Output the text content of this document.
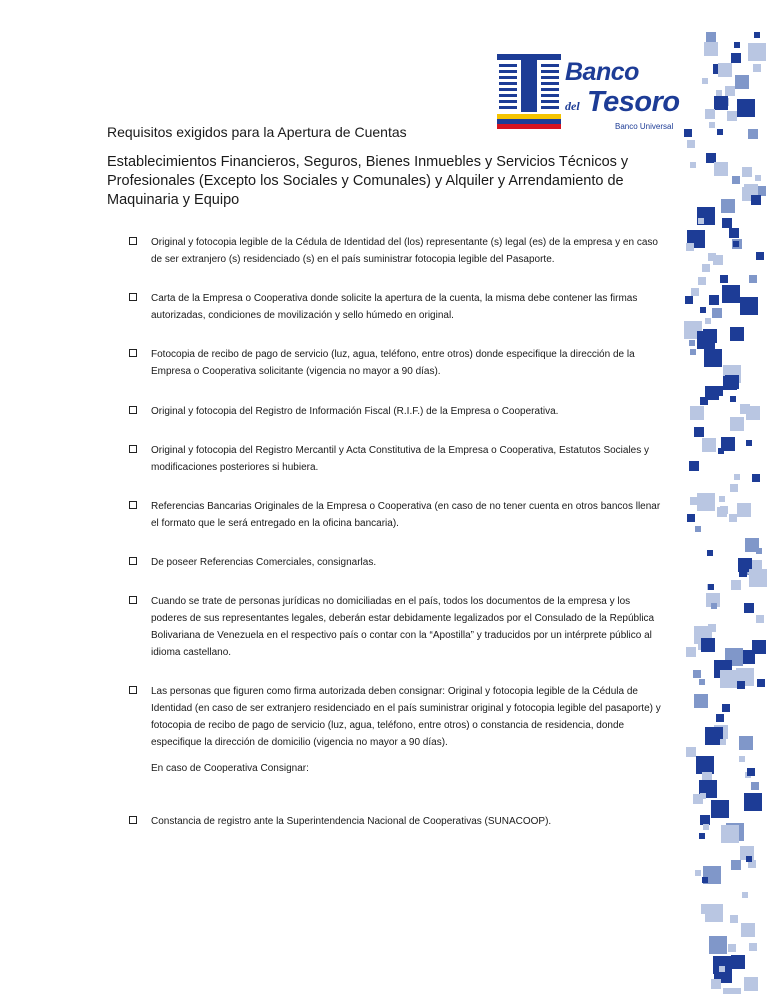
Banco
del Tesoro
Banco Universal
Requisitos exigidos para la Apertura de Cuentas
Establecimientos Financieros, Seguros, Bienes Inmuebles y Servicios Técnicos y Profesionales (Excepto los Sociales y Comunales) y Alquiler y Arrendamiento de Maquinaria y Equipo
Original y fotocopia legible de la Cédula de Identidad del (los) representante (s) legal (es) de la empresa y en caso de ser extranjero (s) residenciado (s) en el país suministrar fotocopia legible del Pasaporte.
Carta de la Empresa o Cooperativa donde solicite la apertura de la cuenta, la misma debe contener las firmas autorizadas, condiciones de movilización y sello húmedo en original.
Fotocopia de recibo de pago de servicio (luz, agua, teléfono, entre otros) donde especifique la dirección de la Empresa o Cooperativa solicitante (vigencia no mayor a 90 días).
Original y fotocopia del Registro de Información Fiscal (R.I.F.) de la Empresa o Cooperativa.
Original y fotocopia del Registro Mercantil y Acta Constitutiva de la Empresa o Cooperativa, Estatutos Sociales y modificaciones posteriores si hubiera.
Referencias Bancarias Originales de la Empresa o Cooperativa (en caso de no tener cuenta en otros bancos llenar el formato que le será entregado en la oficina bancaria).
De poseer Referencias Comerciales, consignarlas.
Cuando se trate de personas jurídicas no domiciliadas en el país, todos los documentos de la empresa y los poderes de sus representantes legales, deberán estar debidamente legalizados por el Consulado de la República Bolivariana de Venezuela en el respectivo país o contar con la “Apostilla” y traducidos por un intérprete público al idioma castellano.
Las personas que figuren como firma autorizada deben consignar: Original y fotocopia legible de la Cédula de Identidad (en caso de ser extranjero residenciado en el país suministrar original y fotocopia legible del pasaporte) y fotocopia de recibo de pago de servicio (luz, agua, teléfono, entre otros) o constancia de residencia, donde especifique la dirección de domicilio (vigencia no mayor a 90 días).
Constancia de registro ante la Superintendencia Nacional de Cooperativas (SUNACOOP).
En caso de Cooperativa Consignar:
